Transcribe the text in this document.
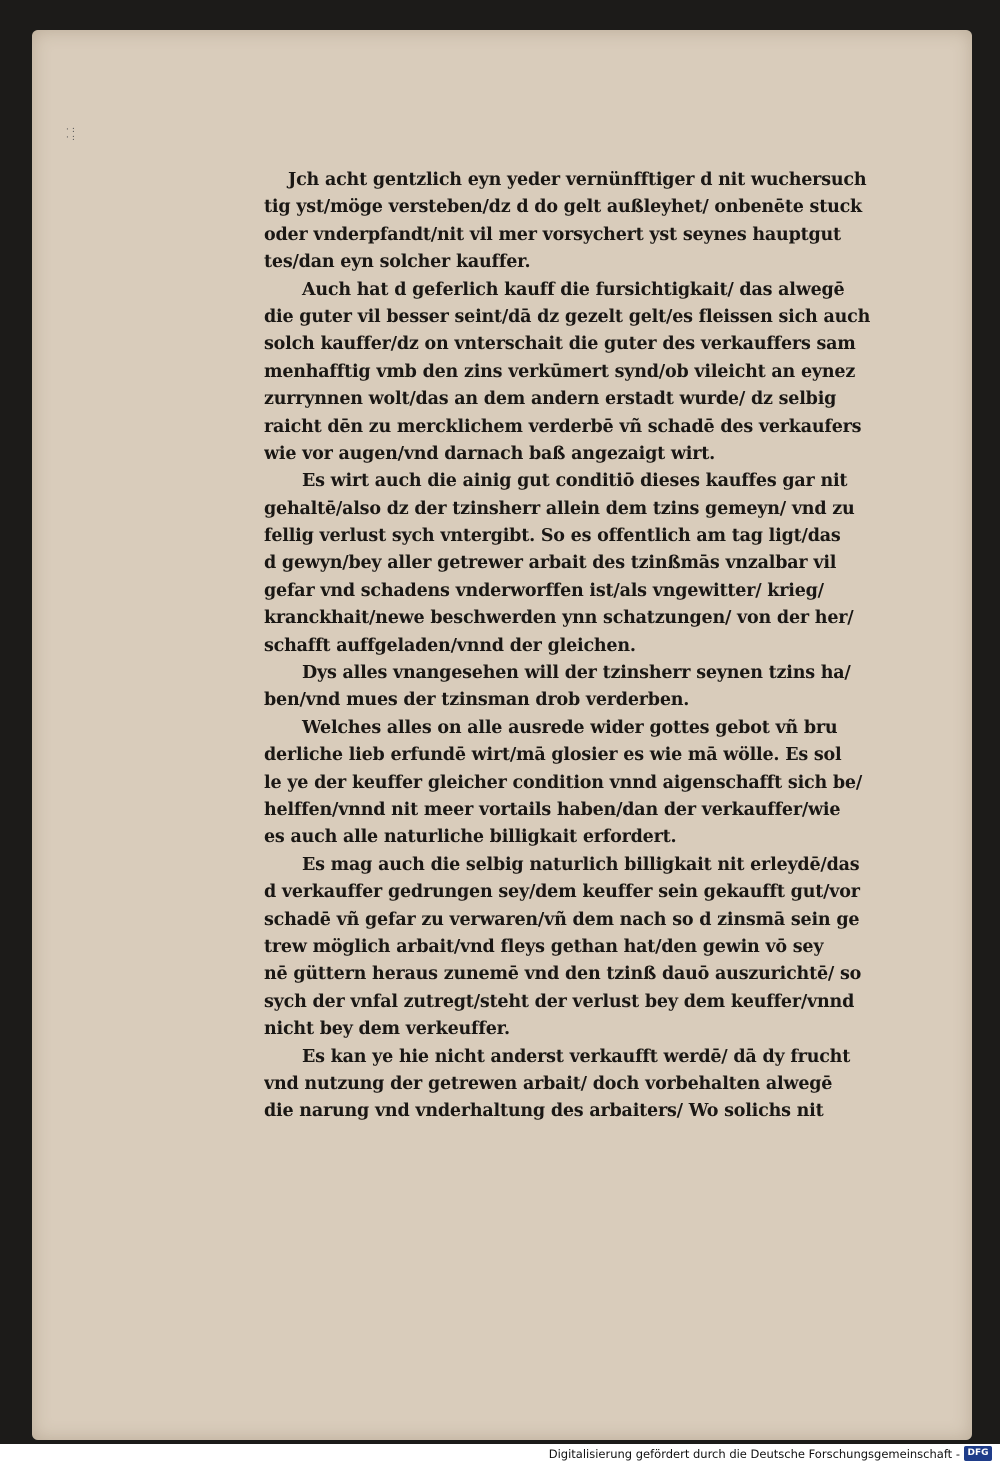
·:
·:
Jch acht gentzlich eyn yeder vernünfftiger d nit wuchersuch
tig yst/möge versteben/dz d do gelt außleyhet/ onbenēte stuck
oder vnderpfandt/nit vil mer vorsychert yst seynes hauptgut
tes/dan eyn solcher kauffer.
Auch hat d geferlich kauff die fursichtigkait/ das alwegē
die guter vil besser seint/dā dz gezelt gelt/es fleissen sich auch
solch kauffer/dz on vnterschait die guter des verkauffers sam
menhafftig vmb den zins verkūmert synd/ob vileicht an eynez
zurrynnen wolt/das an dem andern erstadt wurde/ dz selbig
raicht dēn zu mercklichem verderbē vñ schadē des verkaufers
wie vor augen/vnd darnach baß angezaigt wirt.
Es wirt auch die ainig gut conditiō dieses kauffes gar nit
gehaltē/also dz der tzinsherr allein dem tzins gemeyn/ vnd zu
fellig verlust sych vntergibt. So es offentlich am tag ligt/das
d gewyn/bey aller getrewer arbait des tzinßmās vnzalbar vil
gefar vnd schadens vnderworffen ist/als vngewitter/ krieg/
kranckhait/newe beschwerden ynn schatzungen/ von der her/
schafft auffgeladen/vnnd der gleichen.
Dys alles vnangesehen will der tzinsherr seynen tzins ha/
ben/vnd mues der tzinsman drob verderben.
Welches alles on alle ausrede wider gottes gebot vñ bru
derliche lieb erfundē wirt/mā glosier es wie mā wölle. Es sol
le ye der keuffer gleicher condition vnnd aigenschafft sich be/
helffen/vnnd nit meer vortails haben/dan der verkauffer/wie
es auch alle naturliche billigkait erfordert.
Es mag auch die selbig naturlich billigkait nit erleydē/das
d verkauffer gedrungen sey/dem keuffer sein gekaufft gut/vor
schadē vñ gefar zu verwaren/vñ dem nach so d zinsmā sein ge
trew möglich arbait/vnd fleys gethan hat/den gewin vō sey
nē güttern heraus zunemē vnd den tzinß dauō auszurichtē/ so
sych der vnfal zutregt/steht der verlust bey dem keuffer/vnnd
nicht bey dem verkeuffer.
Es kan ye hie nicht anderst verkaufft werdē/ dā dy frucht
vnd nutzung der getrewen arbait/ doch vorbehalten alwegē
die narung vnd vnderhaltung des arbaiters/ Wo solichs nit
Digitalisierung gefördert durch die Deutsche Forschungsgemeinschaft - DFG
